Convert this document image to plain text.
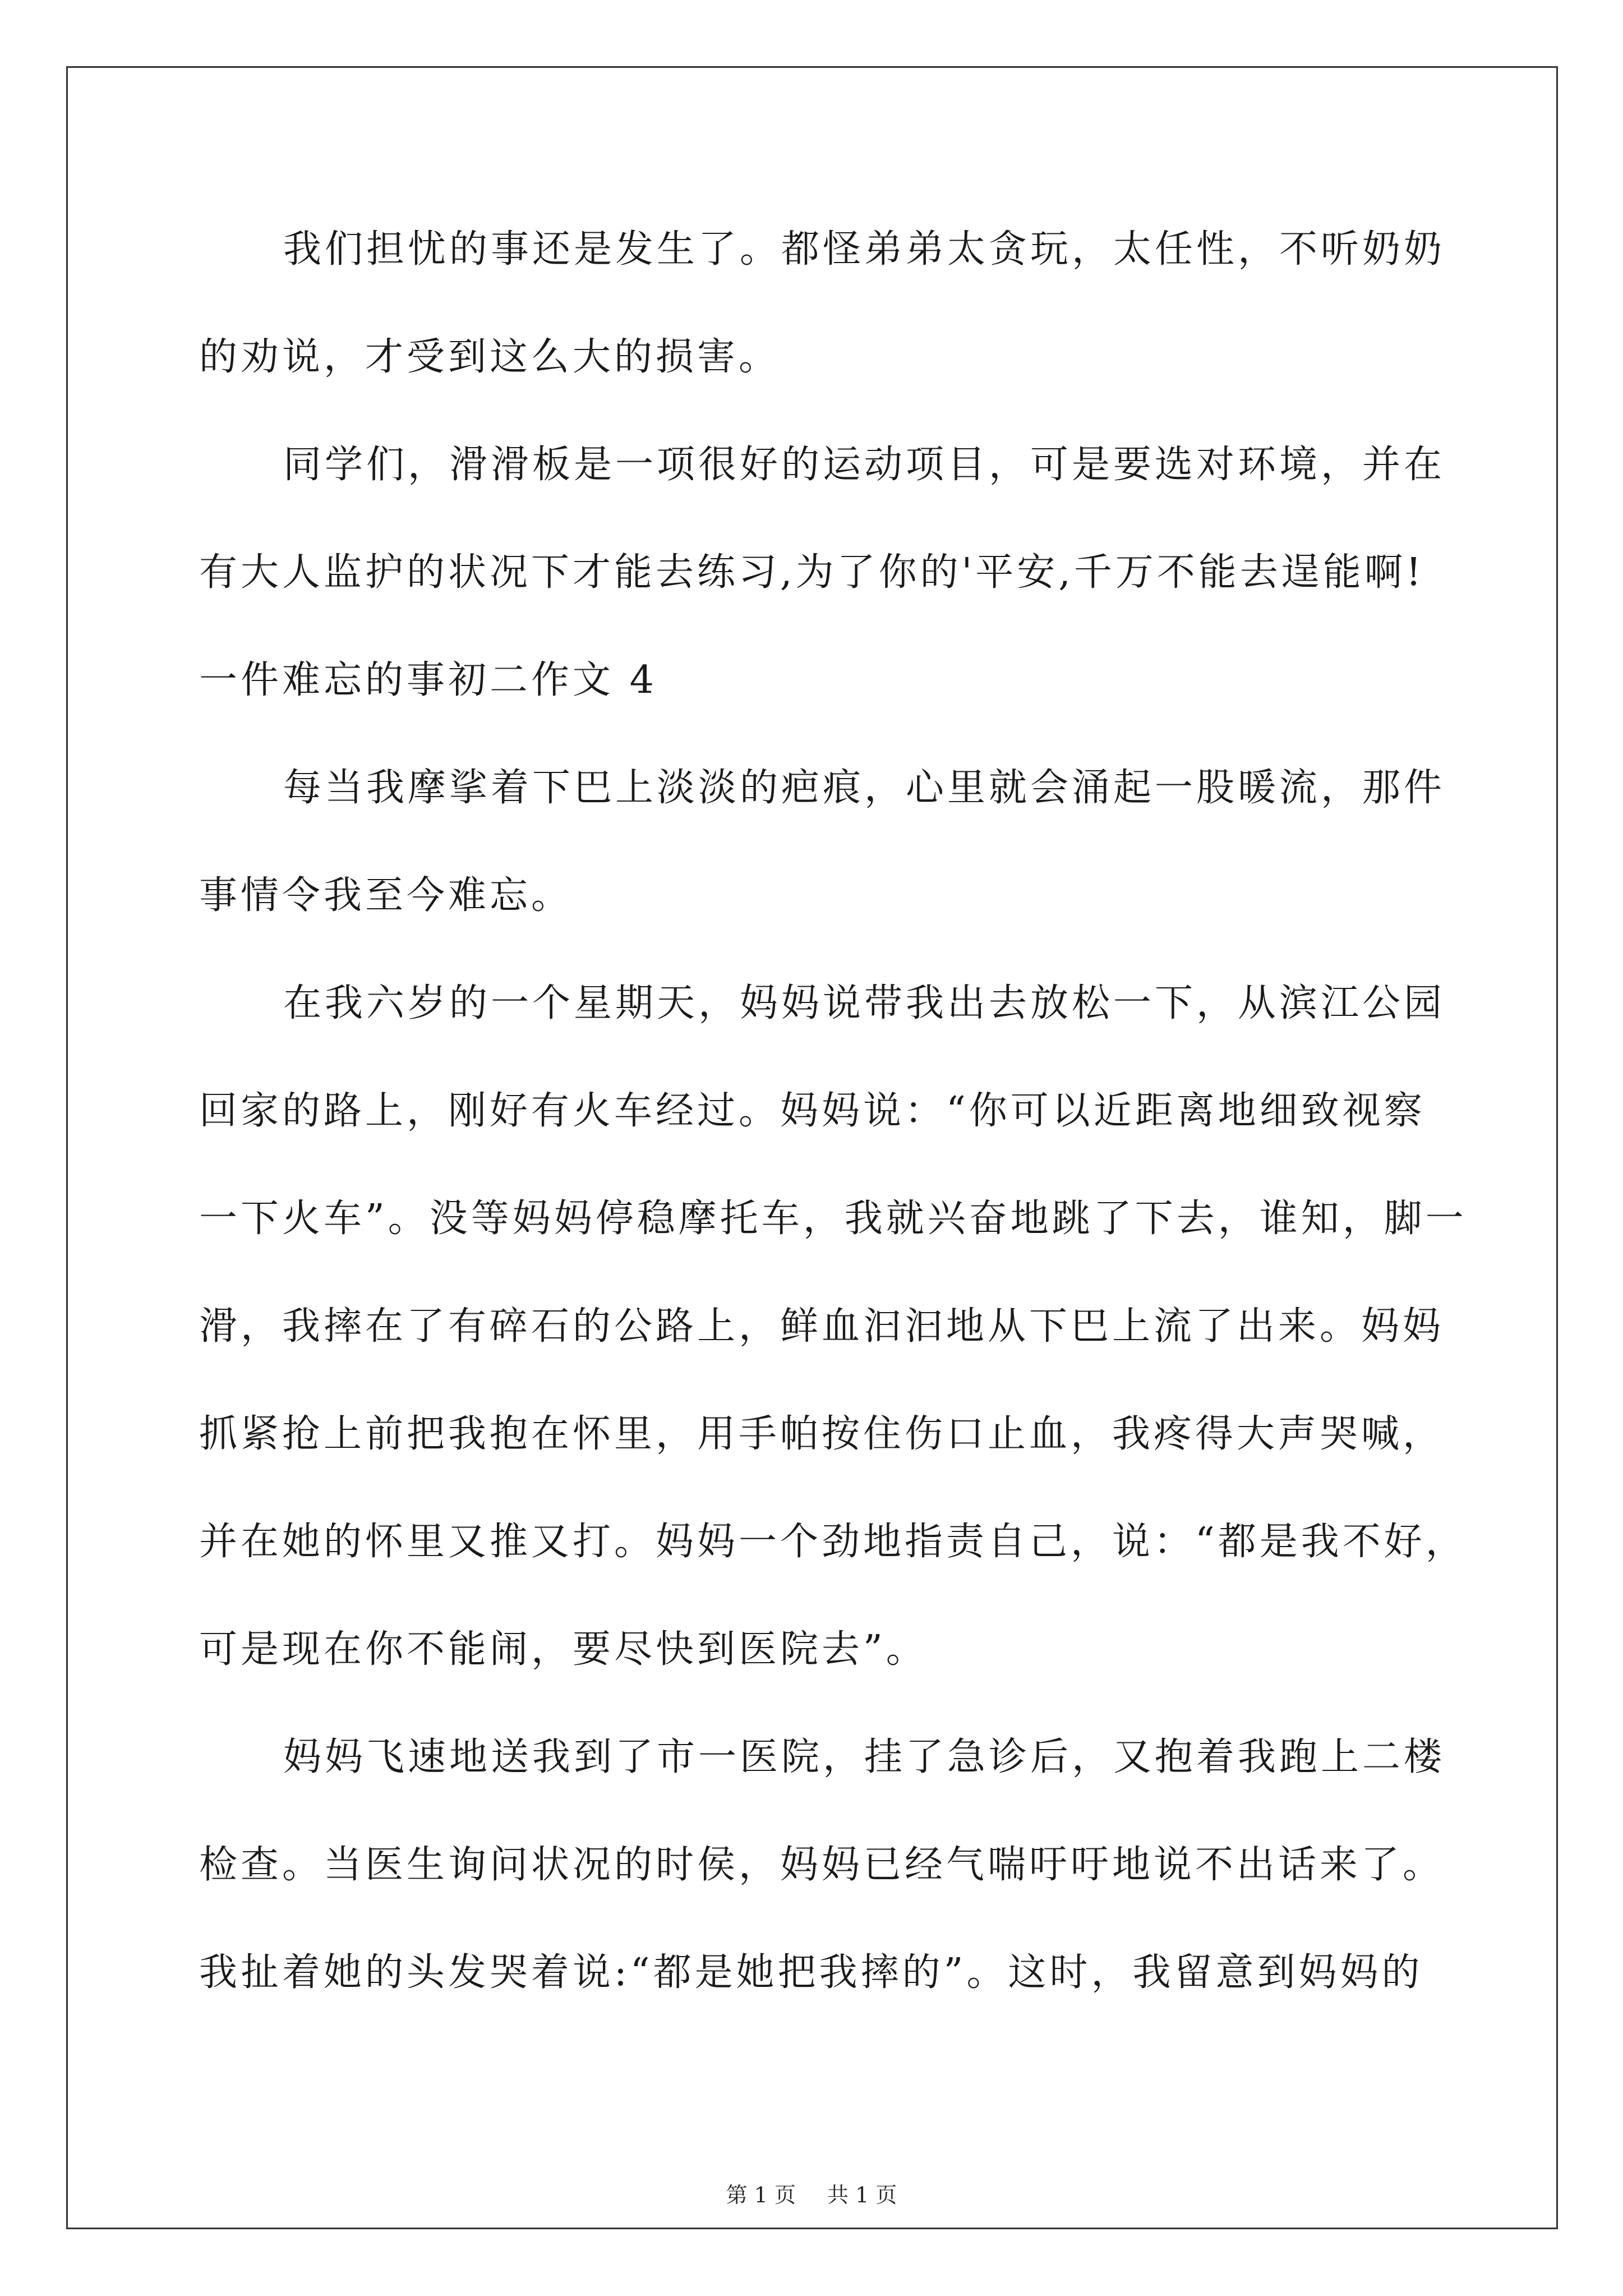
我们担忧的事还是发生了。都怪弟弟太贪玩，太任性，不听奶奶
的劝说，才受到这么大的损害。
同学们，滑滑板是一项很好的运动项目，可是要选对环境，并在
有大人监护的状况下才能去练习,为了你的'平安,千万不能去逞能啊!
一件难忘的事初二作文 4
每当我摩挲着下巴上淡淡的疤痕，心里就会涌起一股暖流，那件
事情令我至今难忘。
在我六岁的一个星期天，妈妈说带我出去放松一下，从滨江公园
回家的路上，刚好有火车经过。妈妈说：“你可以近距离地细致视察
一下火车”。没等妈妈停稳摩托车，我就兴奋地跳了下去，谁知，脚一
滑，我摔在了有碎石的公路上，鲜血汩汩地从下巴上流了出来。妈妈
抓紧抢上前把我抱在怀里，用手帕按住伤口止血，我疼得大声哭喊，
并在她的怀里又推又打。妈妈一个劲地指责自己，说：“都是我不好，
可是现在你不能闹，要尽快到医院去”。
妈妈飞速地送我到了市一医院，挂了急诊后，又抱着我跑上二楼
检查。当医生询问状况的时侯，妈妈已经气喘吁吁地说不出话来了。
我扯着她的头发哭着说:“都是她把我摔的”。这时，我留意到妈妈的
第 1 页 共 1 页
